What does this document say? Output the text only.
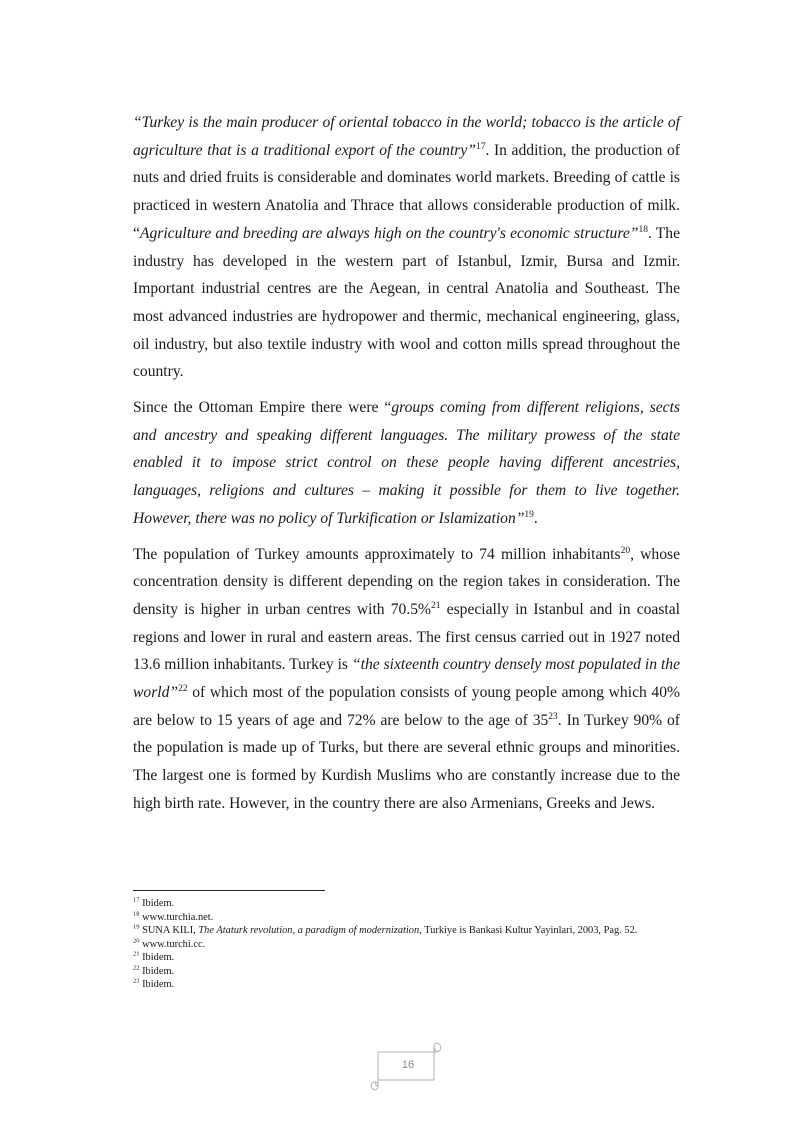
“Turkey is the main producer of oriental tobacco in the world; tobacco is the article of agriculture that is a traditional export of the country”$^{17}$. In addition, the production of nuts and dried fruits is considerable and dominates world markets. Breeding of cattle is practiced in western Anatolia and Thrace that allows considerable production of milk. “Agriculture and breeding are always high on the country's economic structure”$^{18}$. The industry has developed in the western part of Istanbul, Izmir, Bursa and Izmir. Important industrial centres are the Aegean, in central Anatolia and Southeast. The most advanced industries are hydropower and thermic, mechanical engineering, glass, oil industry, but also textile industry with wool and cotton mills spread throughout the country.

Since the Ottoman Empire there were “groups coming from different religions, sects and ancestry and speaking different languages. The military prowess of the state enabled it to impose strict control on these people having different ancestries, languages, religions and cultures – making it possible for them to live together. However, there was no policy of Turkification or Islamization”$^{19}$.

The population of Turkey amounts approximately to 74 million inhabitants$^{20}$, whose concentration density is different depending on the region takes in consideration. The density is higher in urban centres with 70.5%$^{21}$ especially in Istanbul and in coastal regions and lower in rural and eastern areas. The first census carried out in 1927 noted 13.6 million inhabitants. Turkey is “the sixteenth country densely most populated in the world”$^{22}$ of which most of the population consists of young people among which 40% are below to 15 years of age and 72% are below to the age of $35^{23}$. In Turkey 90% of the population is made up of Turks, but there are several ethnic groups and minorities. The largest one is formed by Kurdish Muslims who are constantly increase due to the high birth rate. However, in the country there are also Armenians, Greeks and Jews.

$^{17}$ Ibidem.

$^{18}$ www.turchia.net.

$^{19}$ SUNA KILI, The Ataturk revolution, a paradigm of modernization, Turkiye is Bankasi Kultur Yayinlari, 2003, Pag. 52.

$^{20}$ www.turchi.cc.

$^{21}$ Ibidem.

$^{22}$ Ibidem.

$^{23}$ Ibidem.

16
